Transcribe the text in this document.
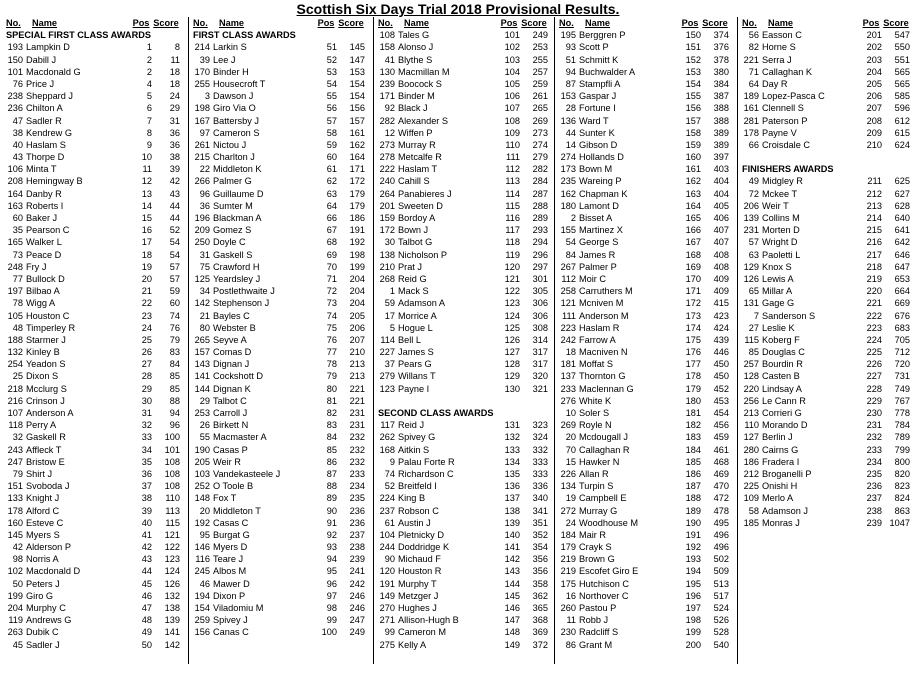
Scottish Six Days Trial 2018 Provisional Results.
No.	Name	Pos Score
SPECIAL FIRST CLASS AWARDS
193 Lampkin D	1	8
150 Dabill J	2	11
101 Macdonald G	2	18
76 Price J	4	18
238 Sheppard J	5	24
236 Chilton A	6	29
47 Sadler R	7	31
38 Kendrew G	8	36
40 Haslam S	9	36
43 Thorpe D	10	38
106 Minta T	11	39
208 Hemingway B	12	42
164 Danby R	13	43
163 Roberts I	14	44
60 Baker J	15	44
35 Pearson C	16	52
165 Walker L	17	54
73 Peace D	18	54
248 Fry J	19	57
77 Bullock D	20	57
197 Bilbao A	21	59
78 Wigg A	22	60
105 Houston C	23	74
48 Timperley R	24	76
188 Starmer J	25	79
132 Kinley B	26	83
254 Yeadon S	27	84
25 Dixon S	28	85
218 Mcclurg S	29	85
216 Crinson J	30	88
107 Anderson A	31	94
118 Perry A	32	96
32 Gaskell R	33	100
243 Affleck T	34	101
247 Bristow E	35	108
79 Shirt J	36	108
151 Svoboda J	37	108
133 Knight J	38	110
178 Alford C	39	113
160 Esteve C	40	115
145 Myers S	41	121
42 Alderson P	42	122
98 Norris A	43	123
102 Macdonald D	44	124
50 Peters J	45	126
199 Giro G	46	132
204 Murphy C	47	138
119 Andrews G	48	139
263 Dubik C	49	141
45 Sadler J	50	142
No.	Name	Pos Score
FIRST CLASS AWARDS
214 Larkin S	51	145
39 Lee J	52	147
170 Binder H	53	153
255 Housecroft T	54	154
3 Dawson J	55	154
198 Giro Via O	56	156
167 Battersby J	57	157
97 Cameron S	58	161
261 Nictou J	59	162
215 Charlton J	60	164
22 Middleton K	61	171
266 Palmer G	62	172
96 Guillaume D	63	179
36 Sumter M	64	179
196 Blackman A	66	186
209 Gomez S	67	191
250 Doyle C	68	192
31 Gaskell S	69	198
75 Crawford H	70	199
125 Yeardsley J	71	204
34 Postlethwaite J	72	204
142 Stephenson J	73	204
21 Bayles C	74	205
80 Webster B	75	206
265 Seyve A	76	207
157 Comas D	77	210
143 Dignan J	78	213
141 Cockshott D	79	213
144 Dignan K	80	221
29 Talbot C	81	221
253 Carroll J	82	231
26 Birkett N	83	231
55 Macmaster A	84	232
190 Casas P	85	232
205 Weir R	86	232
103 Vandekasteele J	87	233
252 O Toole B	88	234
148 Fox T	89	235
20 Middleton T	90	236
192 Casas C	91	236
95 Burgat G	92	237
146 Myers D	93	238
116 Teare J	94	239
245 Albos M	95	241
46 Mawer D	96	242
194 Dixon P	97	246
154 Viladomiu M	98	246
259 Spivey J	99	247
156 Canas C	100	249
No.	Name	Pos Score
108 Tales G	101	249
158 Alonso J	102	253
41 Blythe S	103	255
130 Macmillan M	104	257
239 Boocock S	105	259
171 Binder M	106	261
92 Black J	107	265
282 Alexander S	108	269
12 Wiffen P	109	273
273 Murray R	110	274
278 Metcalfe R	111	279
222 Haslam T	112	282
240 Cahill S	113	284
264 Panabieres J	114	287
201 Sweeten D	115	288
159 Bordoy A	116	289
172 Bown J	117	293
30 Talbot G	118	294
138 Nicholson P	119	296
210 Prat J	120	297
268 Reid G	121	301
1 Mack S	122	305
59 Adamson A	123	306
17 Morrice A	124	306
5 Hogue L	125	308
114 Bell L	126	314
227 James S	127	317
37 Pears G	128	317
279 Willans T	129	320
123 Payne I	130	321
SECOND CLASS AWARDS
117 Reid J	131	323
262 Spivey G	132	324
168 Aitkin S	133	332
9 Palau Forte R	134	333
74 Richardson C	135	333
52 Breitfeld I	136	336
224 King B	137	340
237 Robson C	138	341
61 Austin J	139	351
104 Pletnicky D	140	352
244 Doddridge K	141	354
90 Michaud F	142	356
120 Houston R	143	356
191 Murphy T	144	358
149 Metzger J	145	362
270 Hughes J	146	365
271 Allison-Hugh B	147	368
99 Cameron M	148	369
275 Kelly A	149	372
No.	Name	Pos Score
195 Berggren P	150	374
93 Scott P	151	376
51 Schmitt K	152	378
94 Buchwalder A	153	380
87 Stampfli A	154	384
153 Gaspar J	155	387
28 Fortune I	156	388
136 Ward T	157	388
44 Sunter K	158	389
14 Gibson D	159	389
274 Hollands D	160	397
173 Bown M	161	403
235 Wareing P	162	404
162 Chapman K	163	404
180 Lamont D	164	405
2 Bisset A	165	406
155 Martinez X	166	407
54 George S	167	407
84 James R	168	408
267 Palmer P	169	408
112 Moir C	170	409
258 Carruthers M	171	409
121 Mcniven M	172	415
111 Anderson M	173	423
223 Haslam R	174	424
242 Farrow A	175	439
18 Macniven N	176	446
181 Moffat S	177	450
137 Thornton G	178	450
233 Maclennan G	179	452
276 White K	180	453
10 Soler S	181	454
269 Royle N	182	456
20 Mcdougall J	183	459
70 Callaghan R	184	461
15 Hawker N	185	468
226 Allan R	186	469
134 Turpin S	187	470
19 Campbell E	188	472
272 Murray G	189	478
24 Woodhouse M	190	495
184 Mair R	191	496
179 Crayk S	192	496
219 Brown G	193	502
219 Escofet Giro E	194	509
175 Hutchison C	195	513
16 Northover C	196	517
260 Pastou P	197	524
11 Robb J	198	526
230 Radcliff S	199	528
86 Grant M	200	540
No.	Name	Pos Score
56 Easson C	201	547
82 Horne S	202	550
221 Serra J	203	551
71 Callaghan K	204	565
64 Day R	205	565
189 Lopez-Pasca C	206	585
161 Clennell S	207	596
281 Paterson P	208	612
178 Payne V	209	615
66 Croisdale C	210	624
FINISHERS AWARDS
49 Midgley R	211	625
72 Mckee T	212	627
206 Weir T	213	628
139 Collins M	214	640
231 Morten D	215	641
57 Wright D	216	642
63 Paoletti L	217	646
129 Knox S	218	647
126 Lewis A	219	653
65 Millar A	220	664
131 Gage G	221	669
7 Sanderson S	222	676
27 Leslie K	223	683
115 Koberg F	224	705
85 Douglas C	225	712
257 Bourdin R	226	720
128 Casten B	227	731
220 Lindsay A	228	749
256 Le Cann R	229	767
213 Corrieri G	230	778
110 Morando D	231	784
127 Berlin J	232	789
280 Cairns G	233	799
186 Fradera I	234	800
212 Broganelli P	235	820
225 Onishi H	236	823
109 Merlo A	237	824
58 Adamson J	238	863
185 Monras J	239 1047
